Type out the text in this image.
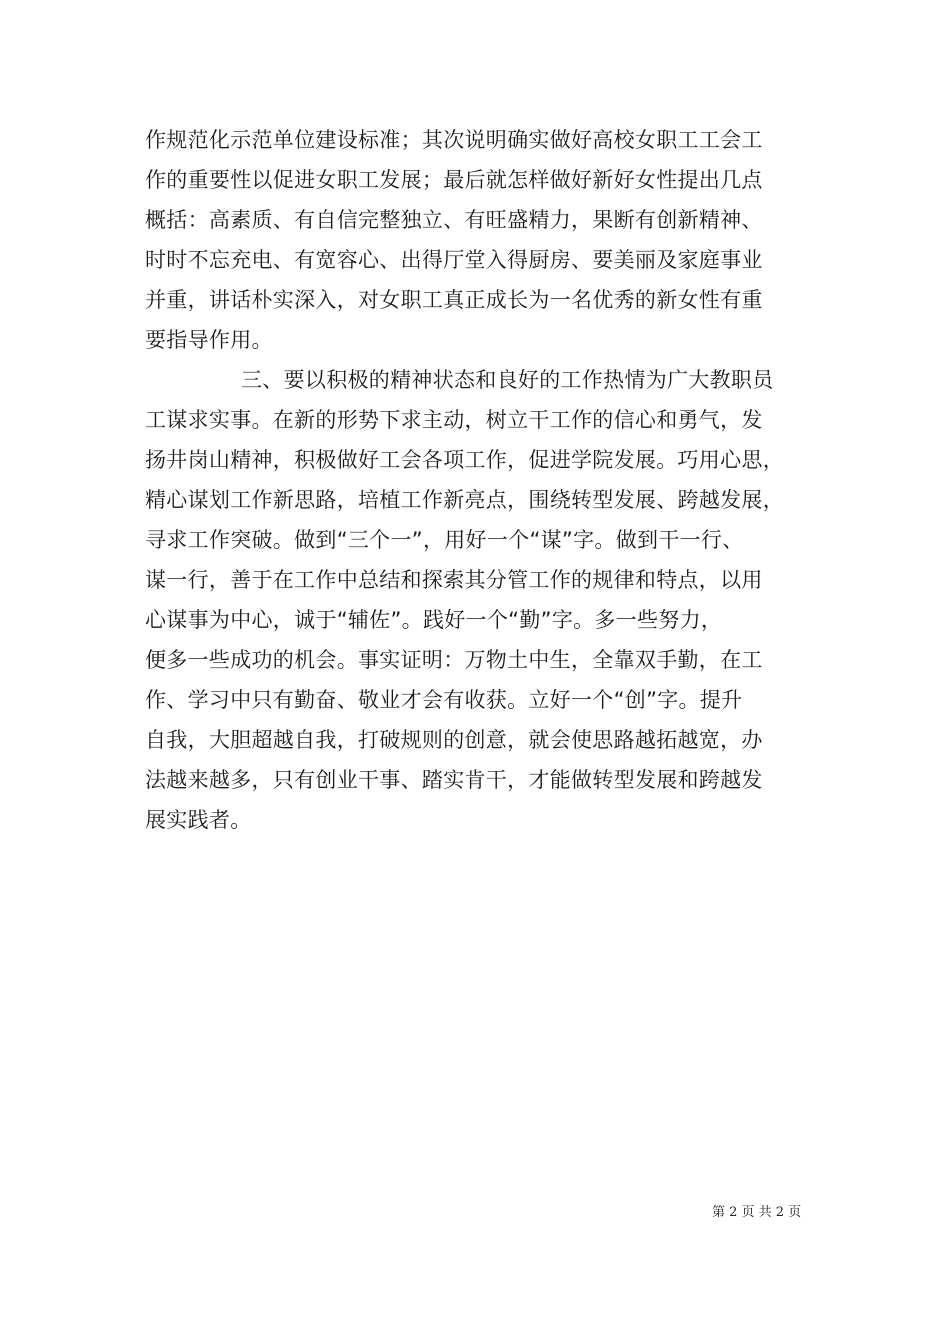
作规范化示范单位建设标准；其次说明确实做好高校女职工工会工
作的重要性以促进女职工发展；最后就怎样做好新好女性提出几点
概括：高素质、有自信完整独立、有旺盛精力，果断有创新精神、
时时不忘充电、有宽容心、出得厅堂入得厨房、要美丽及家庭事业
并重，讲话朴实深入，对女职工真正成长为一名优秀的新女性有重
要指导作用。
三、要以积极的精神状态和良好的工作热情为广大教职员
工谋求实事。在新的形势下求主动，树立干工作的信心和勇气，发
扬井岗山精神，积极做好工会各项工作，促进学院发展。巧用心思，
精心谋划工作新思路，培植工作新亮点，围绕转型发展、跨越发展，
寻求工作突破。做到“三个一”，用好一个“谋”字。做到干一行、
谋一行，善于在工作中总结和探索其分管工作的规律和特点，以用
心谋事为中心，诚于“辅佐”。践好一个“勤”字。多一些努力，
便多一些成功的机会。事实证明：万物土中生，全靠双手勤，在工
作、学习中只有勤奋、敬业才会有收获。立好一个“创”字。提升
自我，大胆超越自我，打破规则的创意，就会使思路越拓越宽，办
法越来越多，只有创业干事、踏实肯干，才能做转型发展和跨越发
展实践者。
第 2 页 共 2 页
